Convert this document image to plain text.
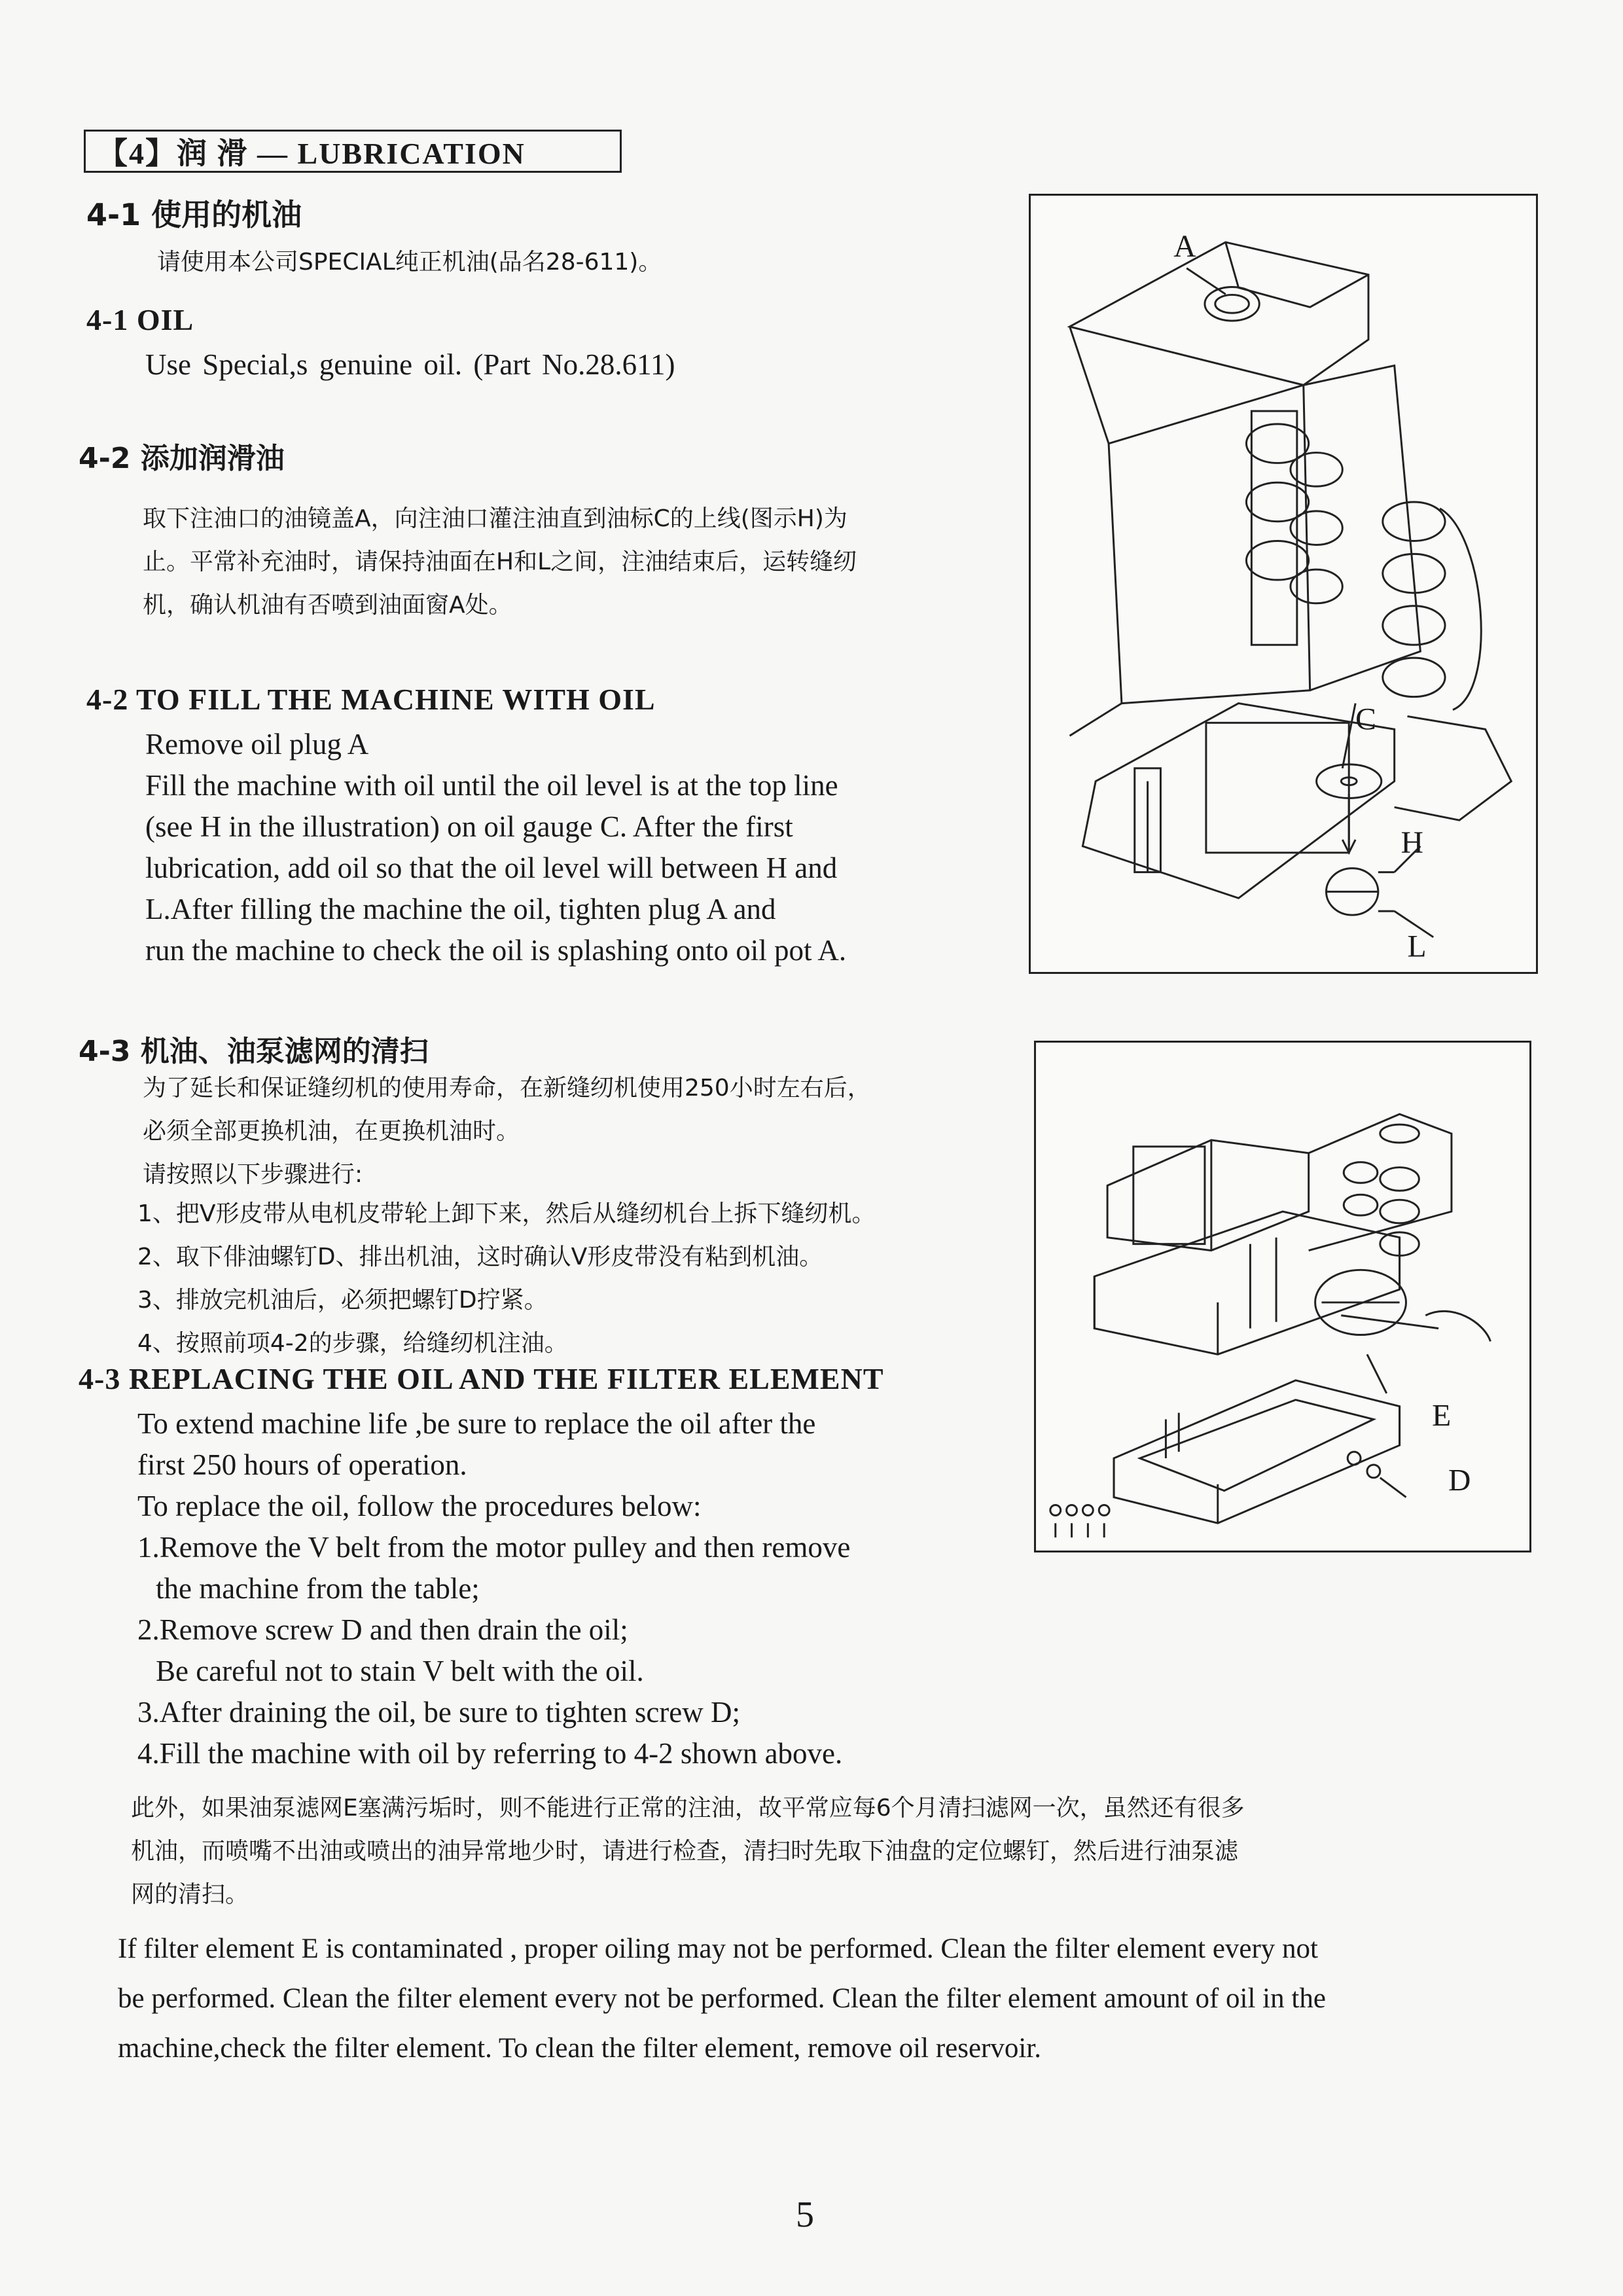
【4】润 滑 — LUBRICATION
4-1 使用的机油
请使用本公司SPECIAL纯正机油(品名28-611)。
4-1 OIL
Use Special,s genuine oil. (Part No.28.611)
4-2 添加润滑油
取下注油口的油镜盖A，向注油口灌注油直到油标C的上线(图示H)为
止。平常补充油时，请保持油面在H和L之间，注油结束后，运转缝纫
机，确认机油有否喷到油面窗A处。
4-2 TO FILL THE MACHINE WITH OIL
Remove oil plug A
Fill the machine with oil until the oil level is at the top line
(see H in the illustration) on oil gauge C. After the first
lubrication, add oil so that the oil level will between H and
L.After filling the machine the oil, tighten plug A and
run the machine to check the oil is splashing onto oil pot A.
A
C
H
L
4-3 机油、油泵滤网的清扫
为了延长和保证缝纫机的使用寿命，在新缝纫机使用250小时左右后，
必须全部更换机油，在更换机油时。
请按照以下步骤进行:
1、把V形皮带从电机皮带轮上卸下来，然后从缝纫机台上拆下缝纫机。
2、取下俳油螺钉D、排出机油，这时确认V形皮带没有粘到机油。
3、排放完机油后，必须把螺钉D拧紧。
4、按照前项4-2的步骤，给缝纫机注油。
4-3 REPLACING THE OIL AND THE FILTER ELEMENT
To extend machine life ,be sure to replace the oil after the
first 250 hours of operation.
To replace the oil, follow the procedures below:
1.Remove the V belt from the motor pulley and then remove
the machine from the table;
2.Remove screw D and then drain the oil;
Be careful not to stain V belt with the oil.
3.After draining the oil, be sure to tighten screw D;
4.Fill the machine with oil by referring to 4-2 shown above.
E
D
此外，如果油泵滤网E塞满污垢时，则不能进行正常的注油，故平常应每6个月清扫滤网一次，虽然还有很多
机油，而喷嘴不出油或喷出的油异常地少时，请进行检查，清扫时先取下油盘的定位螺钉，然后进行油泵滤
网的清扫。
If filter element E is contaminated , proper oiling may not be performed. Clean the filter element every not
be performed. Clean the filter element every not be performed. Clean the filter element amount of oil in the
machine,check the filter element. To clean the filter element, remove oil reservoir.
5
